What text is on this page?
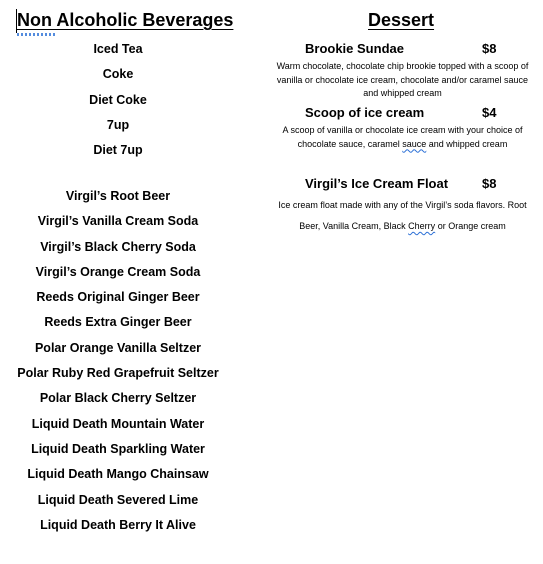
Non Alcoholic Beverages
Iced Tea
Coke
Diet Coke
7up
Diet 7up
Virgil’s Root Beer
Virgil’s Vanilla Cream Soda
Virgil’s Black Cherry Soda
Virgil’s Orange Cream Soda
Reeds Original Ginger Beer
Reeds Extra Ginger Beer
Polar Orange Vanilla Seltzer
Polar Ruby Red Grapefruit Seltzer
Polar Black Cherry Seltzer
Liquid Death Mountain Water
Liquid Death Sparkling Water
Liquid Death Mango Chainsaw
Liquid Death Severed Lime
Liquid Death Berry It Alive
Dessert
Brookie Sundae	$8
Warm chocolate, chocolate chip brookie topped with a scoop of vanilla or chocolate ice cream, chocolate and/or caramel sauce and whipped cream
Scoop of ice cream	$4
A scoop of vanilla or chocolate ice cream with your choice of chocolate sauce, caramel sauce and whipped cream
Virgil’s Ice Cream Float	$8
Ice cream float made with any of the Virgil’s soda flavors. Root Beer, Vanilla Cream, Black Cherry or Orange cream
